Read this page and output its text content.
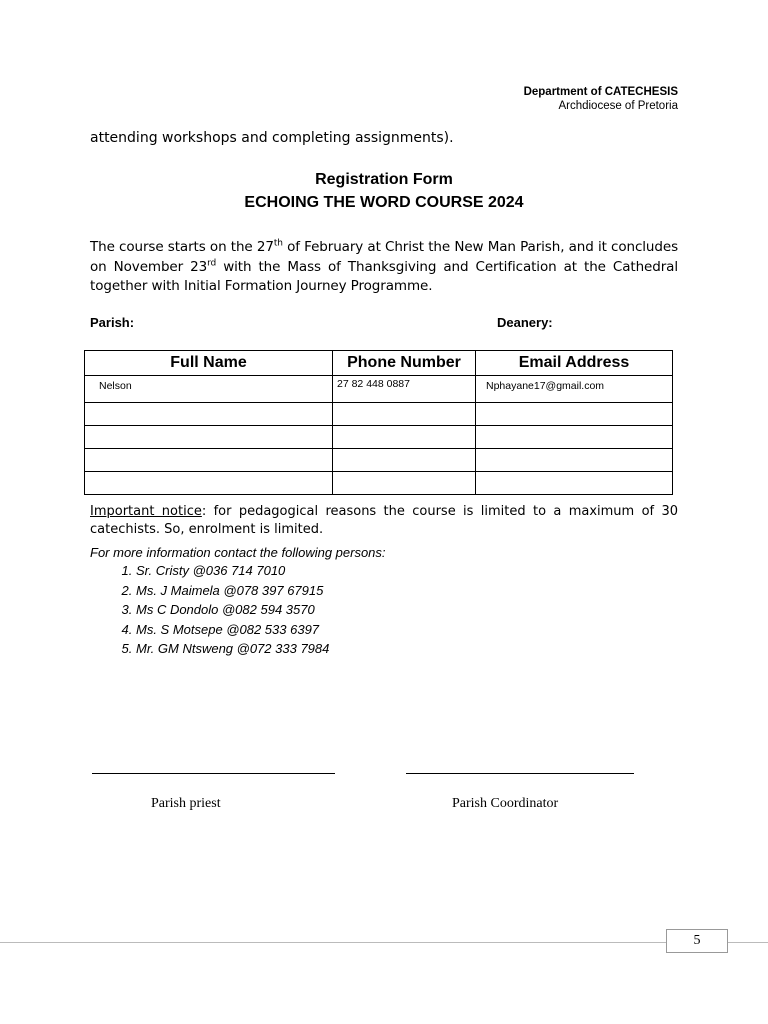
Department of CATECHESIS
Archdiocese of Pretoria
attending workshops and completing assignments).
Registration Form
ECHOING THE WORD COURSE 2024
The course starts on the 27th of February at Christ the New Man Parish, and it concludes on November 23rd with the Mass of Thanksgiving and Certification at the Cathedral together with Initial Formation Journey Programme.
Parish:	Deanery:
Full Name	Phone Number	Email Address
Nelson	27 82 448 0887	Nphayane17@gmail.com

Important notice: for pedagogical reasons the course is limited to a maximum of 30 catechists. So, enrolment is limited.
For more information contact the following persons:
1. Sr. Cristy @036 714 7010
2. Ms. J Maimela @078 397 67915
3. Ms C Dondolo @082 594 3570
4. Ms. S Motsepe @082 533 6397
5. Mr. GM Ntsweng @072 333 7984
Parish priest	Parish Coordinator
5
